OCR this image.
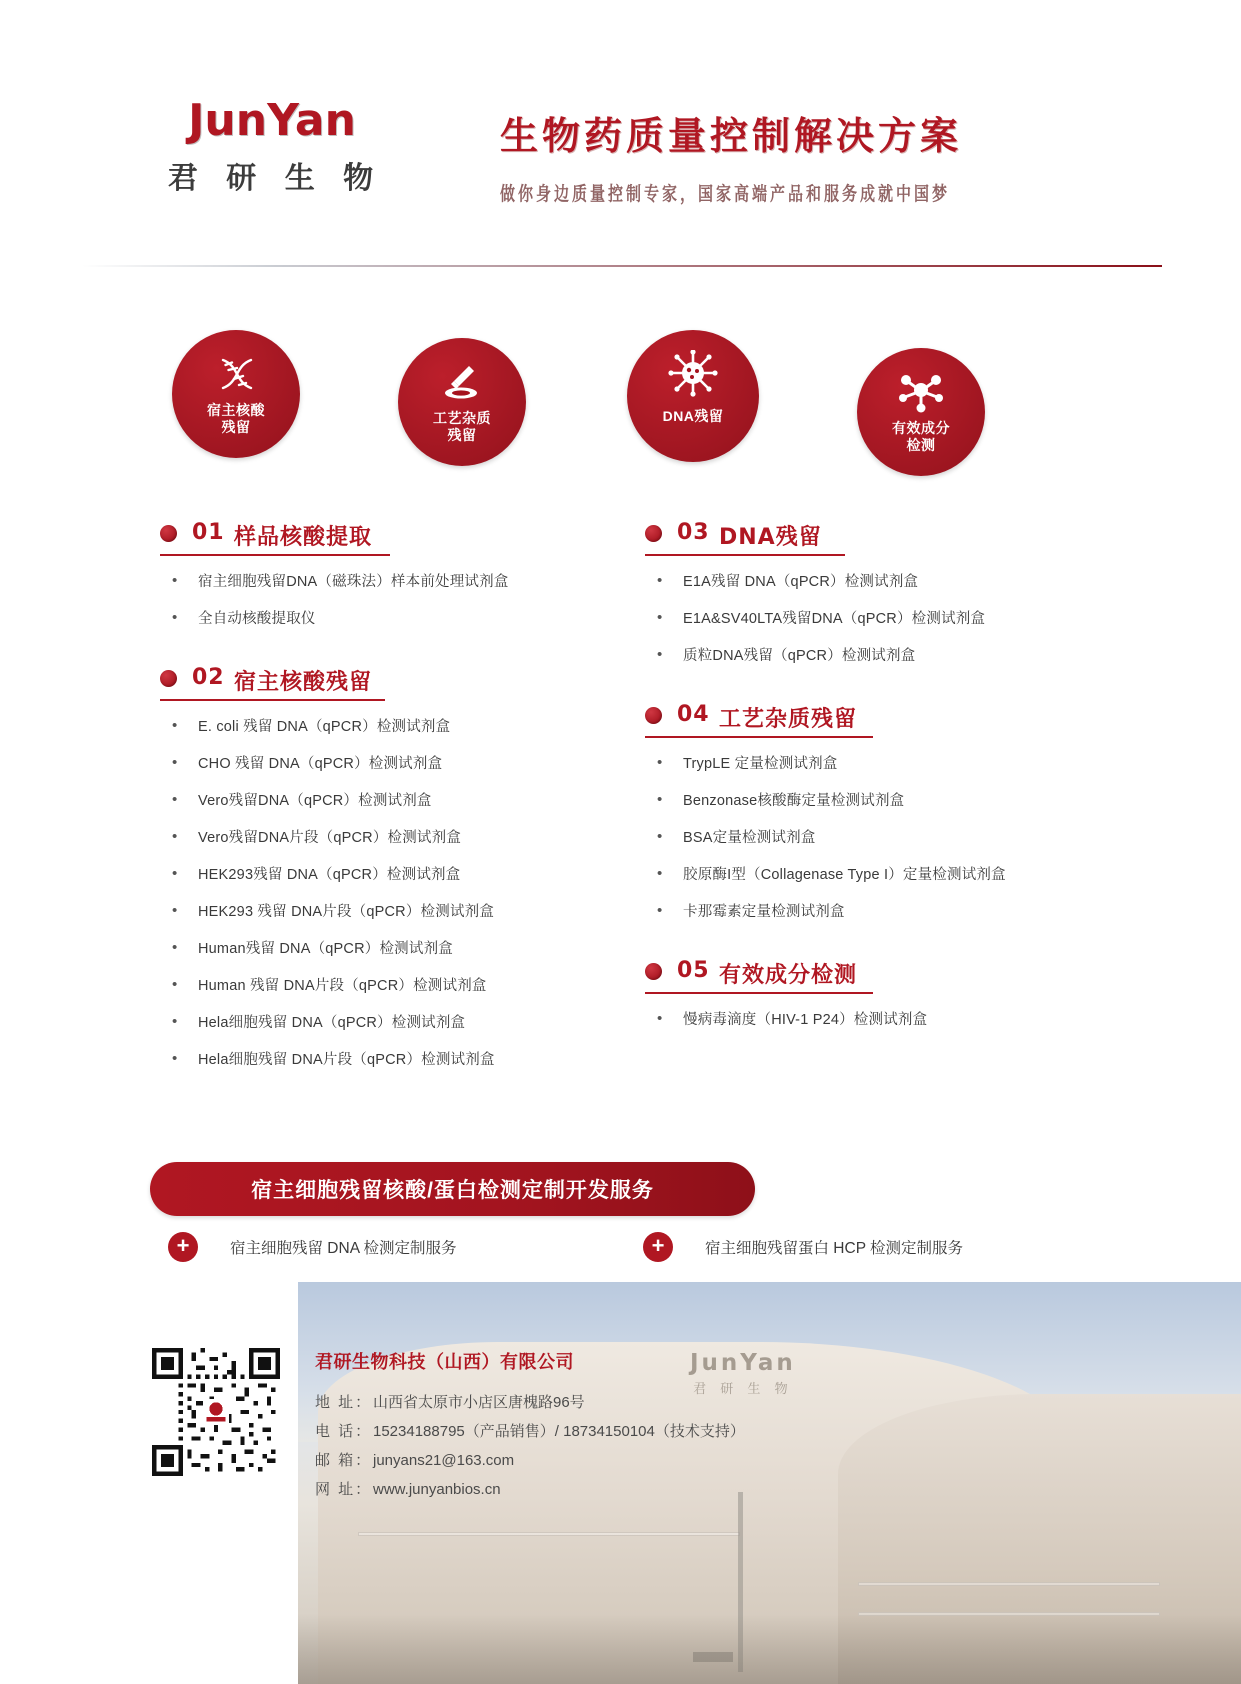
JunYan
君 研 生 物
生物药质量控制解决方案
做你身边质量控制专家，国家高端产品和服务成就中国梦
宿主核酸
残留
工艺杂质
残留
DNA残留
有效成分
检测
01 样品核酸提取
• 宿主细胞残留DNA（磁珠法）样本前处理试剂盒
• 全自动核酸提取仪
02 宿主核酸残留
• E. coli 残留 DNA（qPCR）检测试剂盒
• CHO 残留 DNA（qPCR）检测试剂盒
• Vero残留DNA（qPCR）检测试剂盒
• Vero残留DNA片段（qPCR）检测试剂盒
• HEK293残留 DNA（qPCR）检测试剂盒
• HEK293 残留 DNA片段（qPCR）检测试剂盒
• Human残留 DNA（qPCR）检测试剂盒
• Human 残留 DNA片段（qPCR）检测试剂盒
• Hela细胞残留 DNA（qPCR）检测试剂盒
• Hela细胞残留 DNA片段（qPCR）检测试剂盒
03 DNA残留
• E1A残留 DNA（qPCR）检测试剂盒
• E1A&SV40LTA残留DNA（qPCR）检测试剂盒
• 质粒DNA残留（qPCR）检测试剂盒
04 工艺杂质残留
• TrypLE 定量检测试剂盒
• Benzonase核酸酶定量检测试剂盒
• BSA定量检测试剂盒
• 胶原酶I型（Collagenase Type I）定量检测试剂盒
• 卡那霉素定量检测试剂盒
05 有效成分检测
• 慢病毒滴度（HIV-1 P24）检测试剂盒
宿主细胞残留核酸/蛋白检测定制开发服务
+	宿主细胞残留 DNA 检测定制服务	+	宿主细胞残留蛋白 HCP 检测定制服务
JunYan
君 研 生 物
君研生物科技（山西）有限公司
地 址：山西省太原市小店区唐槐路96号
电 话：15234188795（产品销售）/ 18734150104（技术支持）
邮 箱：junyans21@163.com
网 址：www.junyanbios.cn
